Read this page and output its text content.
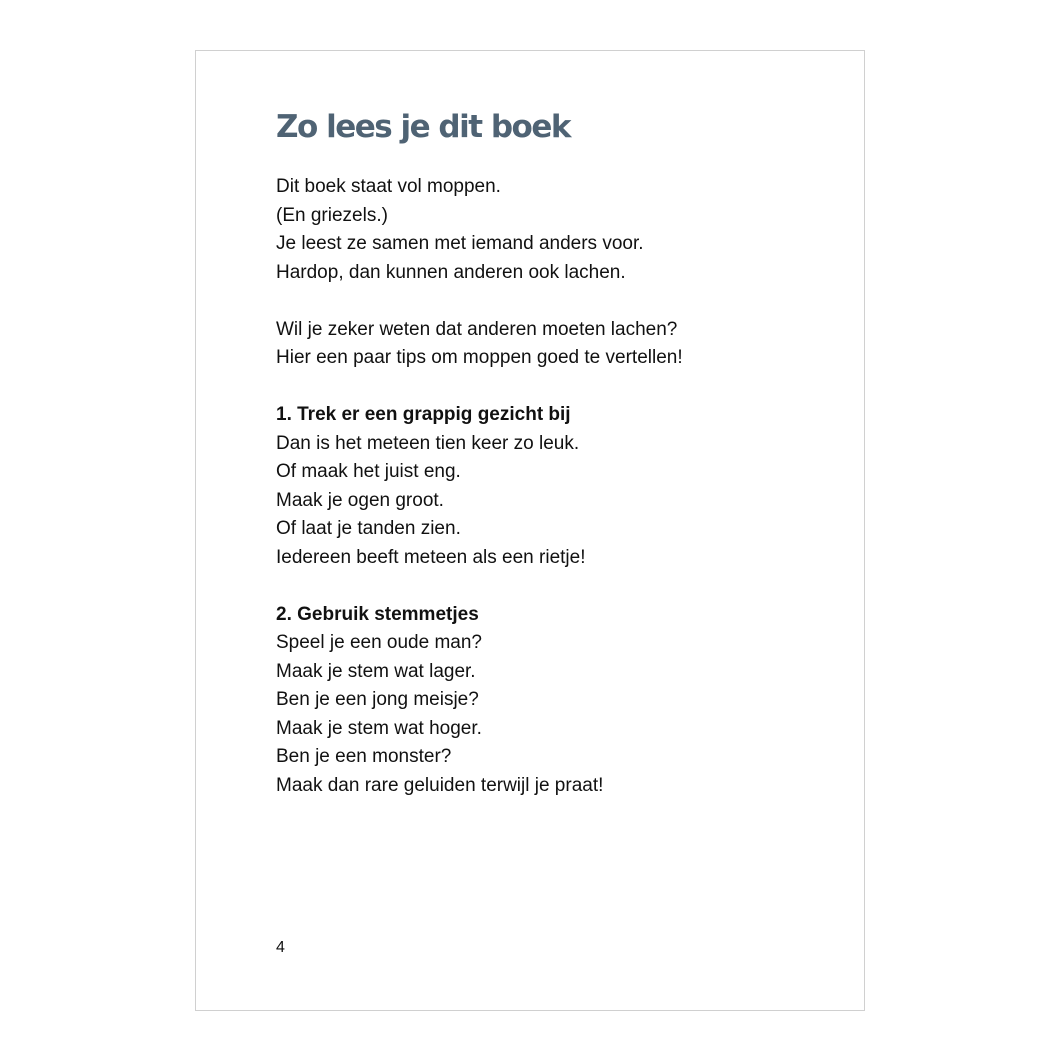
Zo lees je dit boek
Dit boek staat vol moppen.
(En griezels.)
Je leest ze samen met iemand anders voor.
Hardop, dan kunnen anderen ook lachen.
Wil je zeker weten dat anderen moeten lachen?
Hier een paar tips om moppen goed te vertellen!
1. Trek er een grappig gezicht bij
Dan is het meteen tien keer zo leuk.
Of maak het juist eng.
Maak je ogen groot.
Of laat je tanden zien.
Iedereen beeft meteen als een rietje!
2. Gebruik stemmetjes
Speel je een oude man?
Maak je stem wat lager.
Ben je een jong meisje?
Maak je stem wat hoger.
Ben je een monster?
Maak dan rare geluiden terwijl je praat!
4
